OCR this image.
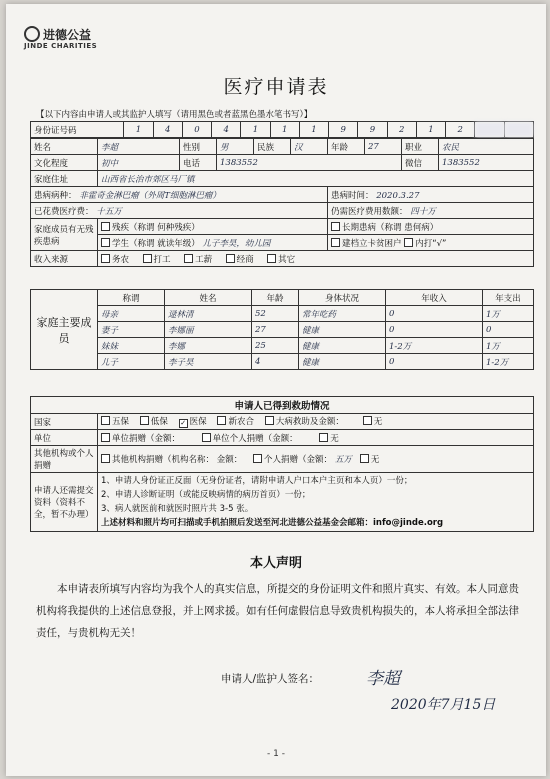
进德公益
JINDE CHARITIES
医疗申请表
【以下内容由申请人或其监护人填写（请用黑色或者蓝黑色墨水笔书写）】
身份证号码	1	4	0	4	1	1	1	9	9	2	1	2		
姓名	李超	性别	男	民族	汉	年龄	27	职业	农民
文化程度	初中	电话	1383552					微信	1383552
家庭住址	山西省长治市郊区马厂镇								
患病病种： 非霍奇金淋巴瘤（外周T细胞淋巴瘤）						患病时间： 2020.3.27			
已花费医疗费： 十五万						仍需医疗费用数额： 四十万			
家庭成员有无残疾患病	残疾（称谓 何种残疾）					长期患病（称谓 患何病）			
	学生（称谓 就读年级） 儿子李昊，幼儿园					建档立卡贫困户 内打“√”			
收入来源	务农 打工 工薪 经商 其它								
家庭主要成员	称谓	姓名	年龄	身体状况	年收入	年支出
	母亲	逯林清	52	常年吃药	0	1万
	妻子	李娜丽	27	健康	0	0
	妹妹	李娜	25	健康	1-2万	1万
	儿子	李子昊	4	健康	0	1-2万
申请人已得到救助情况	
国家	五保 低保 ✓ 医保 新农合 大病救助及金额： 无
单位	单位捐赠（金额： 单位个人捐赠（金额： 无
其他机构或个人捐赠	其他机构捐赠（机构名称： 金额： 个人捐赠（金额： 五万 无
申请人还需提交资料（资料不全，暂不办理）	1、申请人身份证正反面（无身份证者，请附申请人户口本户主页和本人页）一份；
2、申请人诊断证明（或能反映病情的病历首页）一份；
3、病人就医前和就医时照片共 3-5 张。
上述材料和照片均可扫描或手机拍照后发送至河北进德公益基金会邮箱：info@jinde.org
本人声明
本申请表所填写内容均为我个人的真实信息，所提交的身份证明文件和照片真实、有效。本人同意贵机构将我提供的上述信息登报，并上网求援。如有任何虚假信息导致贵机构损失的，本人将承担全部法律责任，与贵机构无关！
申请人/监护人签名：	李超
2020年7月15日
- 1 -
